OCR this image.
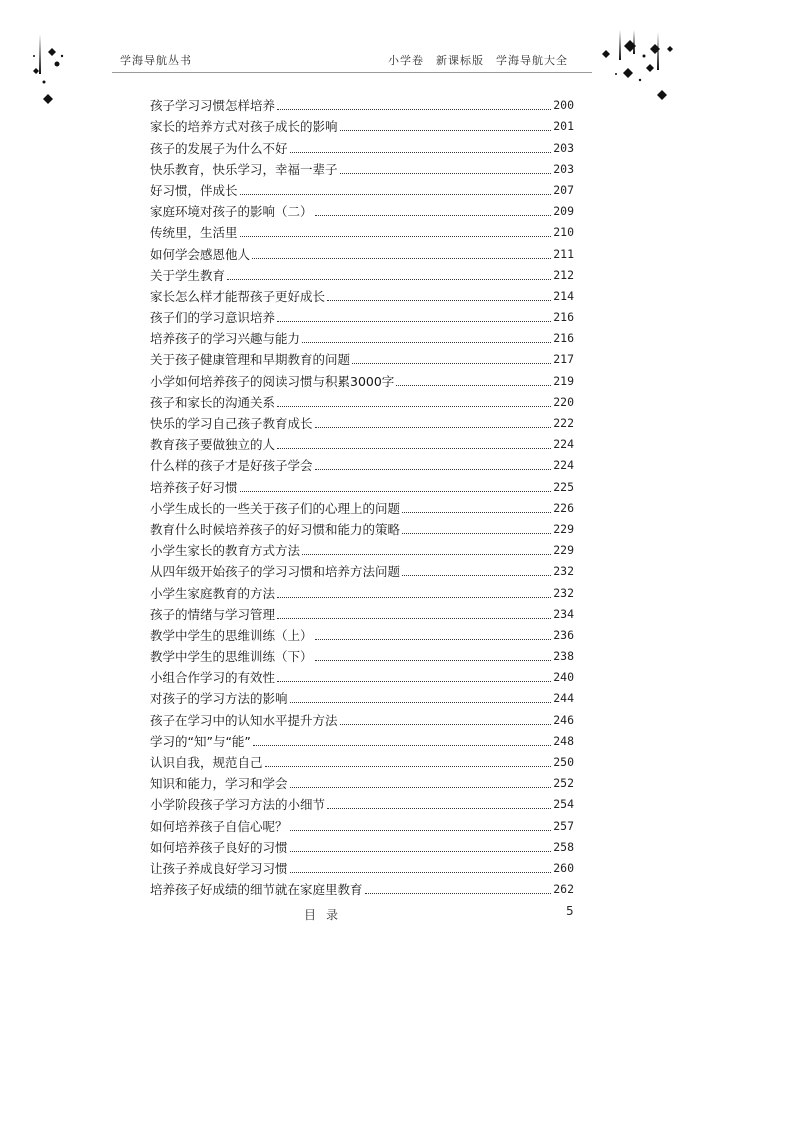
学海导航丛书	小学卷　新课标版　学海导航大全
孩子学习习惯怎样培养	200
家长的培养方式对孩子成长的影响	201
孩子的发展子为什么不好	203
快乐教育，快乐学习，幸福一辈子	203
好习惯，伴成长	207
家庭环境对孩子的影响（二）	209
传统里，生活里	210
如何学会感恩他人	211
关于学生教育	212
家长怎么样才能帮孩子更好成长	214
孩子们的学习意识培养	216
培养孩子的学习兴趣与能力	216
关于孩子健康管理和早期教育的问题	217
小学如何培养孩子的阅读习惯与积累3000字	219
孩子和家长的沟通关系	220
快乐的学习自己孩子教育成长	222
教育孩子要做独立的人	224
什么样的孩子才是好孩子学会	224
培养孩子好习惯	225
小学生成长的一些关于孩子们的心理上的问题	226
教育什么时候培养孩子的好习惯和能力的策略	229
小学生家长的教育方式方法	229
从四年级开始孩子的学习习惯和培养方法问题	232
小学生家庭教育的方法	232
孩子的情绪与学习管理	234
教学中学生的思维训练（上）	236
教学中学生的思维训练（下）	238
小组合作学习的有效性	240
对孩子的学习方法的影响	244
孩子在学习中的认知水平提升方法	246
学习的“知”与“能”	248
认识自我，规范自己	250
知识和能力，学习和学会	252
小学阶段孩子学习方法的小细节	254
如何培养孩子自信心呢？	257
如何培养孩子良好的习惯	258
让孩子养成良好学习习惯	260
培养孩子好成绩的细节就在家庭里教育	262
目录	5
